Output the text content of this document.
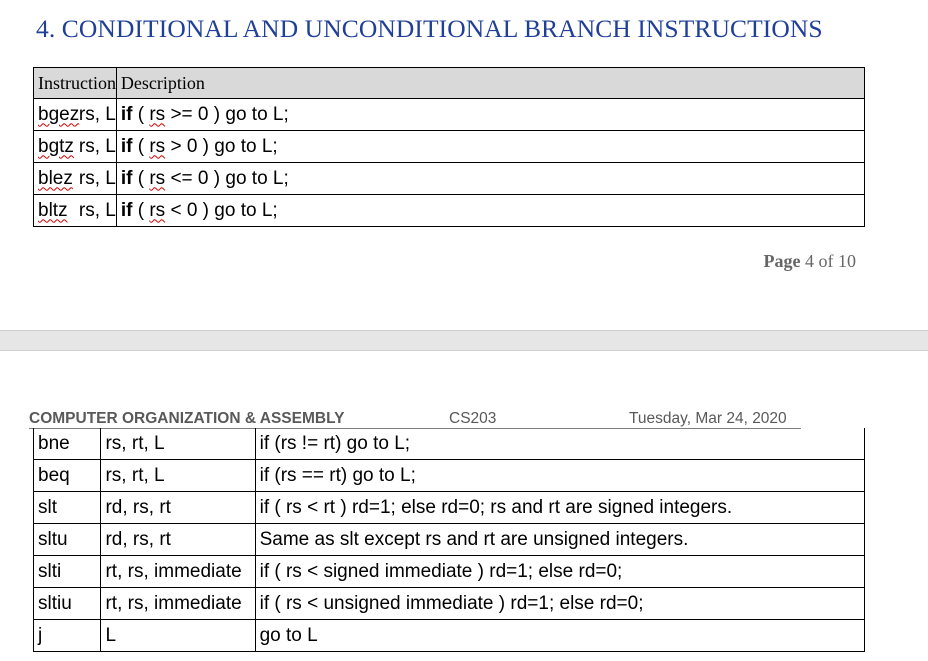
4. CONDITIONAL AND UNCONDITIONAL BRANCH INSTRUCTIONS
Instruction		Description
bgez	rs, L	if ( rs >= 0 ) go to L;
bgtz	rs, L	if ( rs > 0 ) go to L;
blez	rs, L	if ( rs <= 0 ) go to L;
bltz	rs, L	if ( rs < 0 ) go to L;
Page 4 of 10
COMPUTER ORGANIZATION & ASSEMBLY	CS203	Tuesday, Mar 24, 2020
bne	rs, rt, L	if (rs != rt) go to L;
beq	rs, rt, L	if (rs == rt) go to L;
slt	rd, rs, rt	if ( rs < rt ) rd=1; else rd=0; rs and rt are signed integers.
sltu	rd, rs, rt	Same as slt except rs and rt are unsigned integers.
slti	rt, rs, immediate	if ( rs < signed immediate ) rd=1; else rd=0;
sltiu	rt, rs, immediate	if ( rs < unsigned immediate ) rd=1; else rd=0;
j	L	go to L
